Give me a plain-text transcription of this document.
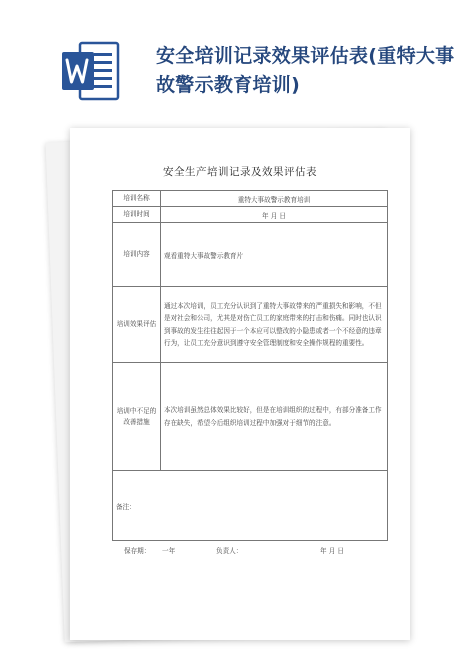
安全培训记录效果评估表(重特大事故警示教育培训)
安全生产培训记录及效果评估表
培训名称	重特大事故警示教育培训
培训时间	年 月 日
培训内容	观看重特大事故警示教育片
培训效果评估	通过本次培训，员工充分认识到了重特大事故带来的严重损失和影响，不但是对社会和公司，尤其是对伤亡员工的家庭带来的打击和伤痛。同时也认识到事故的发生往往起因于一个本应可以整改的小隐患或者一个不经意的违章行为，让员工充分意识到遵守安全管理制度和安全操作规程的重要性。
培训中不足的改善措施	本次培训虽然总体效果比较好，但是在培训组织的过程中，有部分准备工作存在缺失，希望今后组织培训过程中加强对于细节的注意。
备注：	
保存期： 一年	负责人：	年 月 日
